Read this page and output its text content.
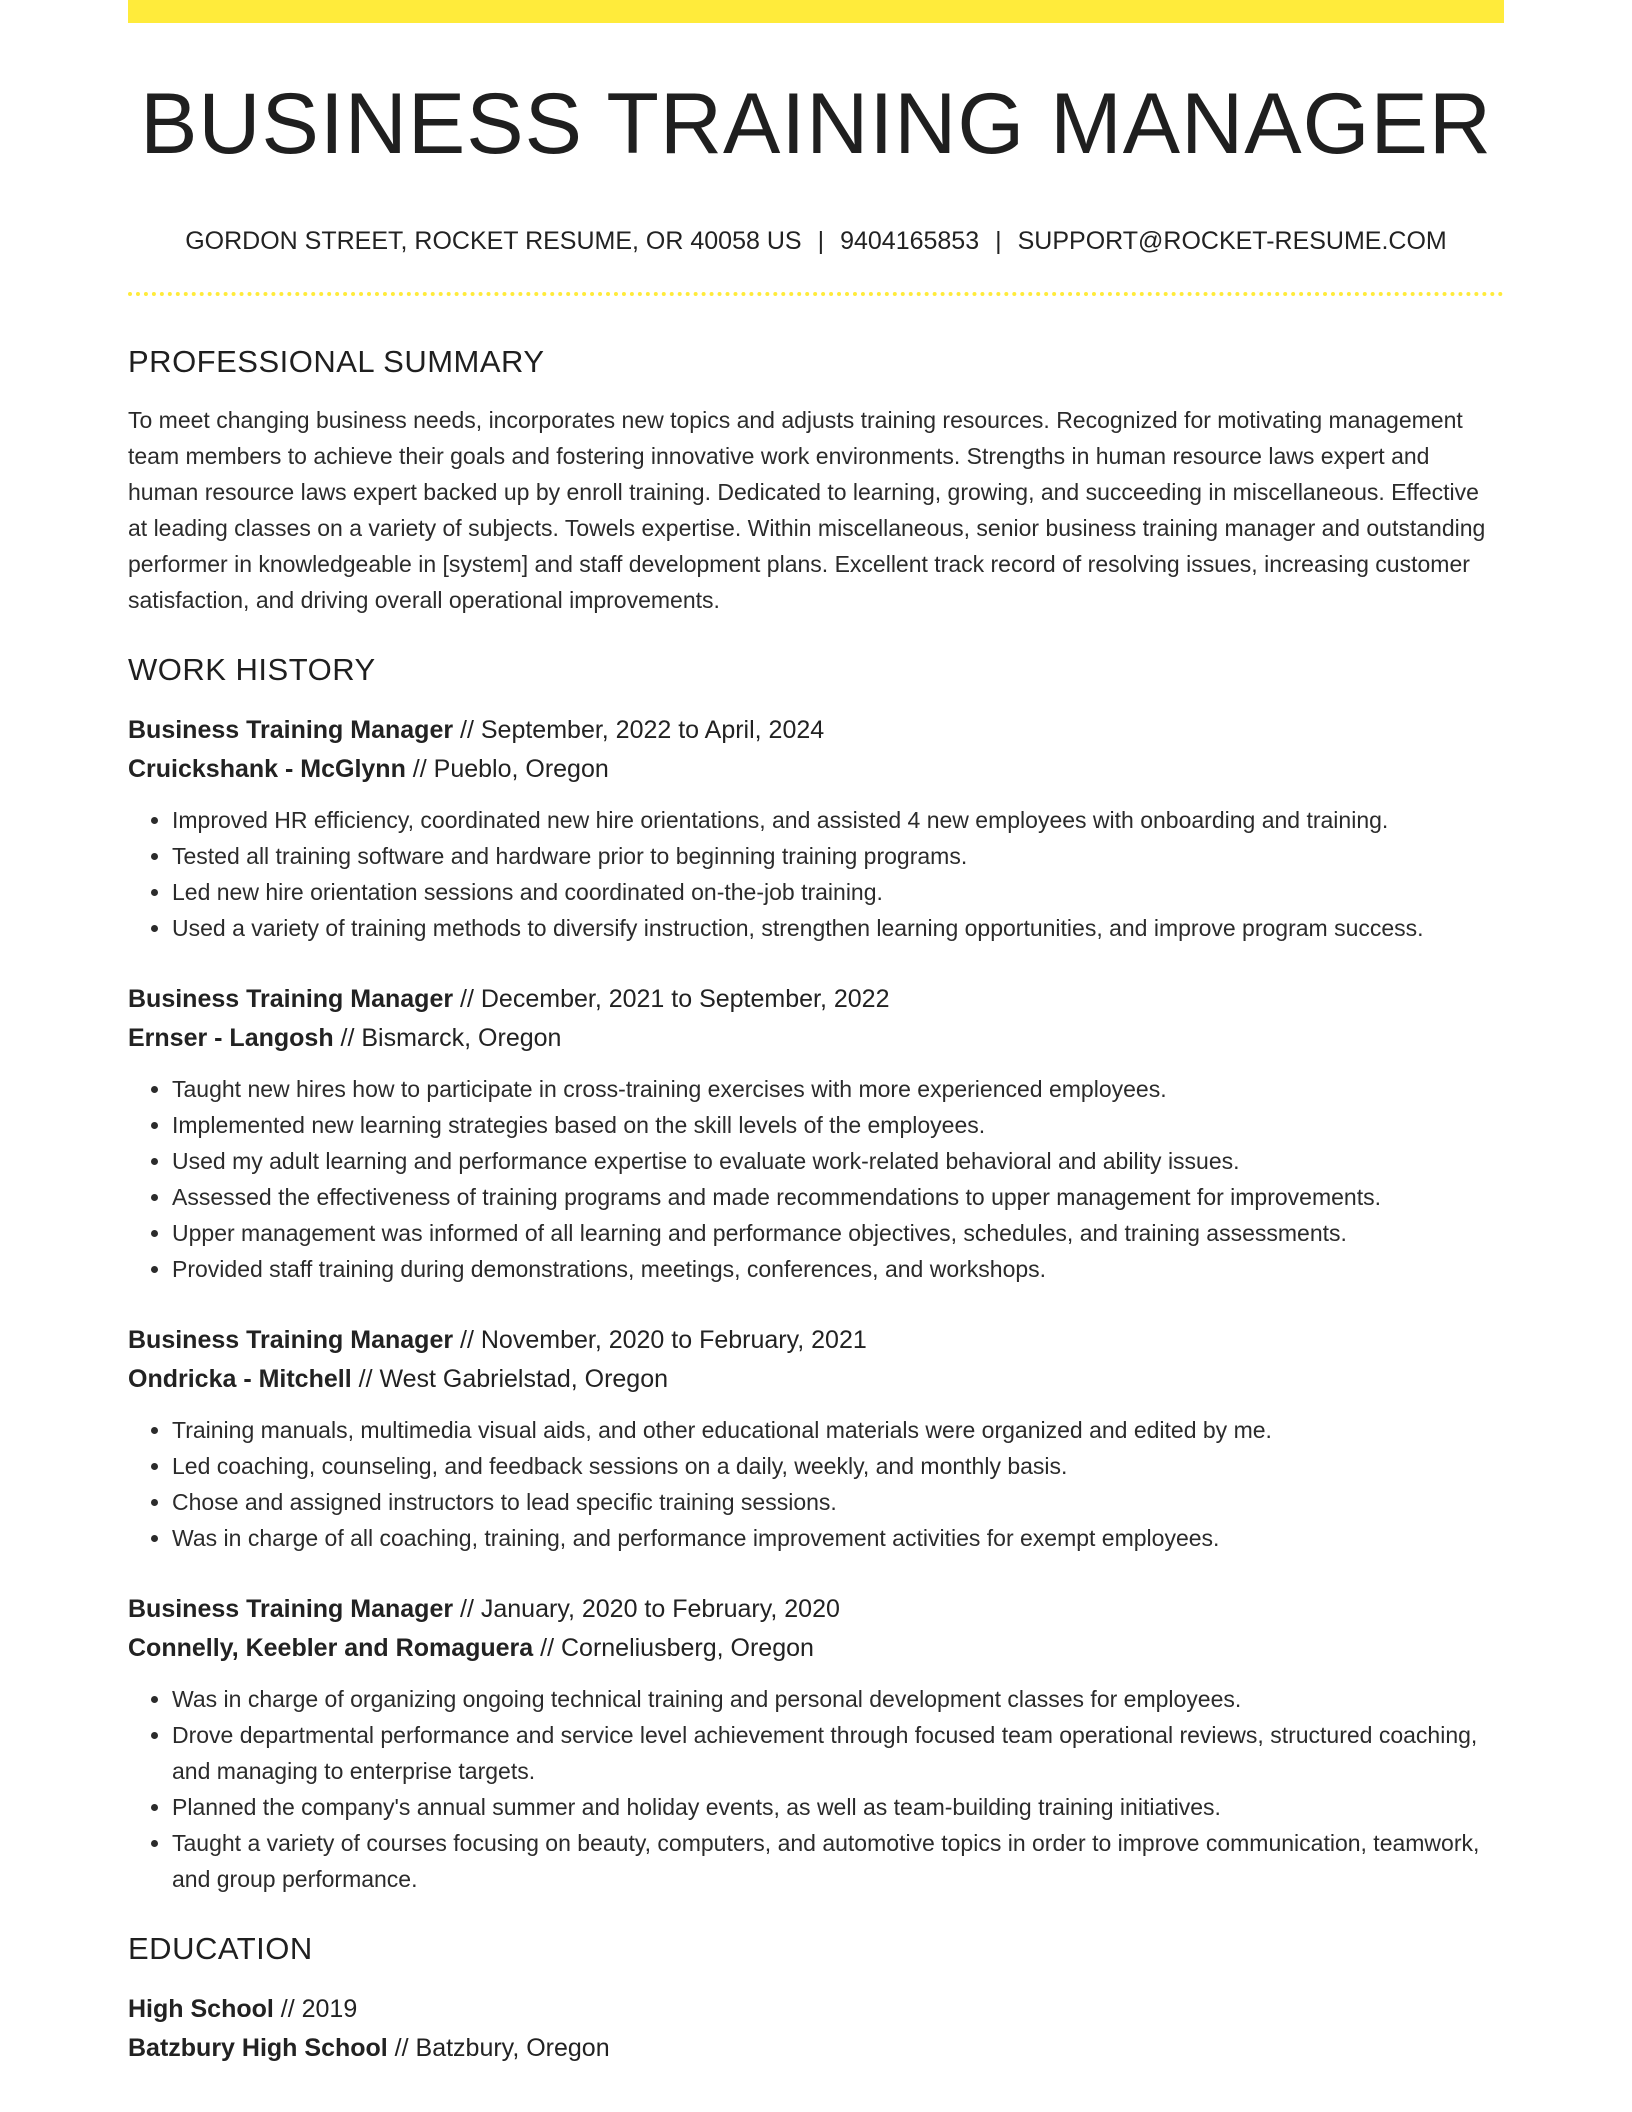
BUSINESS TRAINING MANAGER
GORDON STREET, ROCKET RESUME, OR 40058 US | 9404165853 | SUPPORT@ROCKET-RESUME.COM
PROFESSIONAL SUMMARY
To meet changing business needs, incorporates new topics and adjusts training resources. Recognized for motivating management team members to achieve their goals and fostering innovative work environments. Strengths in human resource laws expert and human resource laws expert backed up by enroll training. Dedicated to learning, growing, and succeeding in miscellaneous. Effective at leading classes on a variety of subjects. Towels expertise. Within miscellaneous, senior business training manager and outstanding performer in knowledgeable in [system] and staff development plans. Excellent track record of resolving issues, increasing customer satisfaction, and driving overall operational improvements.
WORK HISTORY
Business Training Manager // September, 2022 to April, 2024
Cruickshank - McGlynn // Pueblo, Oregon
• Improved HR efficiency, coordinated new hire orientations, and assisted 4 new employees with onboarding and training.
• Tested all training software and hardware prior to beginning training programs.
• Led new hire orientation sessions and coordinated on-the-job training.
• Used a variety of training methods to diversify instruction, strengthen learning opportunities, and improve program success.
Business Training Manager // December, 2021 to September, 2022
Ernser - Langosh // Bismarck, Oregon
• Taught new hires how to participate in cross-training exercises with more experienced employees.
• Implemented new learning strategies based on the skill levels of the employees.
• Used my adult learning and performance expertise to evaluate work-related behavioral and ability issues.
• Assessed the effectiveness of training programs and made recommendations to upper management for improvements.
• Upper management was informed of all learning and performance objectives, schedules, and training assessments.
• Provided staff training during demonstrations, meetings, conferences, and workshops.
Business Training Manager // November, 2020 to February, 2021
Ondricka - Mitchell // West Gabrielstad, Oregon
• Training manuals, multimedia visual aids, and other educational materials were organized and edited by me.
• Led coaching, counseling, and feedback sessions on a daily, weekly, and monthly basis.
• Chose and assigned instructors to lead specific training sessions.
• Was in charge of all coaching, training, and performance improvement activities for exempt employees.
Business Training Manager // January, 2020 to February, 2020
Connelly, Keebler and Romaguera // Corneliusberg, Oregon
• Was in charge of organizing ongoing technical training and personal development classes for employees.
• Drove departmental performance and service level achievement through focused team operational reviews, structured coaching, and managing to enterprise targets.
• Planned the company's annual summer and holiday events, as well as team-building training initiatives.
• Taught a variety of courses focusing on beauty, computers, and automotive topics in order to improve communication, teamwork, and group performance.
EDUCATION
High School // 2019
Batzbury High School // Batzbury, Oregon
